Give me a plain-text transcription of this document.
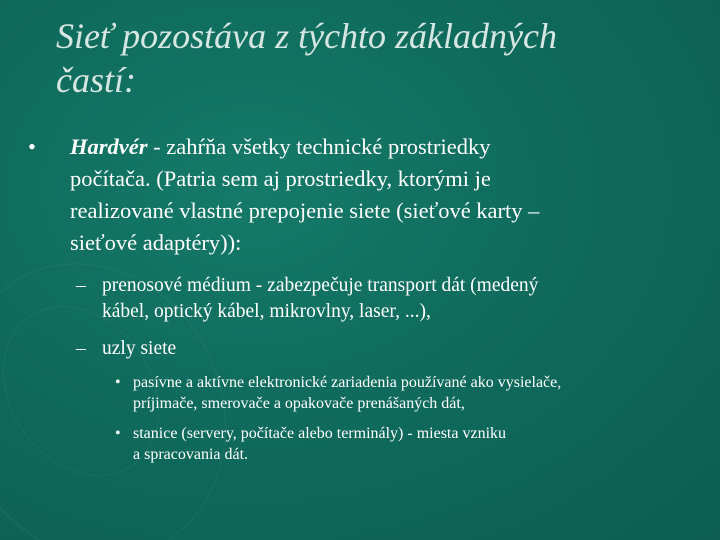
Sieť pozostáva z týchto základných
častí:
• Hardvér - zahŕňa všetky technické prostriedky
počítača. (Patria sem aj prostriedky, ktorými je
realizované vlastné prepojenie siete (sieťové karty –
sieťové adaptéry)):
– prenosové médium - zabezpečuje transport dát (medený
kábel, optický kábel, mikrovlny, laser, ...),
– uzly siete
• pasívne a aktívne elektronické zariadenia používané ako vysielače,
príjimače, smerovače a opakovače prenášaných dát,
• stanice (servery, počítače alebo terminály) - miesta vzniku
a spracovania dát.
